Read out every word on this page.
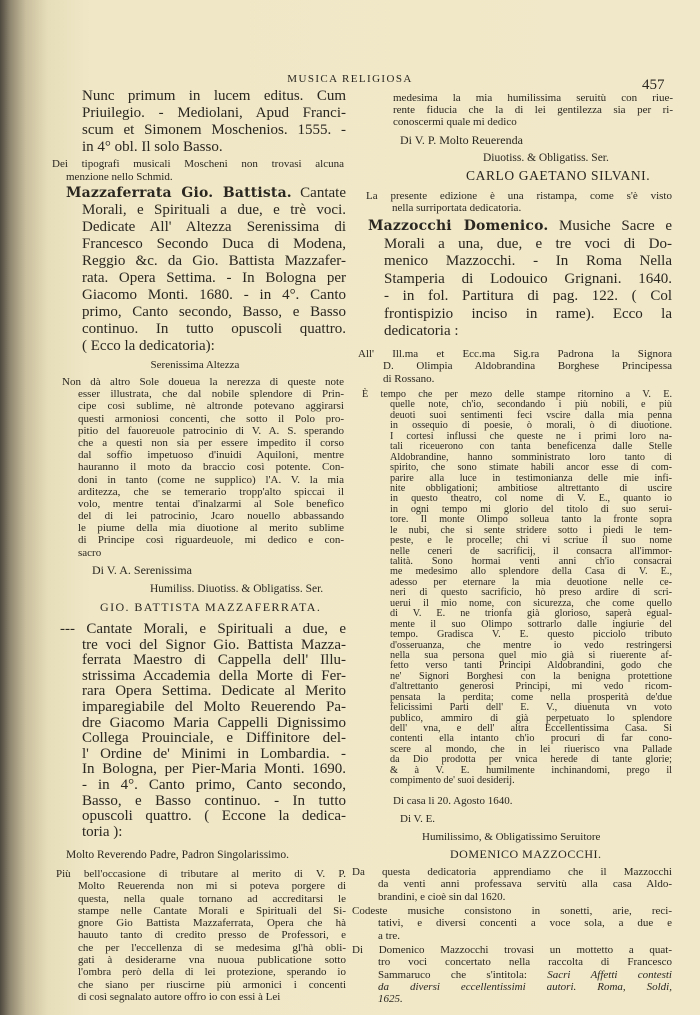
MUSICA RELIGIOSA	457
Nunc primum in lucem editus. Cum
Priuilegio. - Mediolani, Apud Franci-
scum et Simonem Moschenios. 1555. -
in 4° obl. Il solo Basso.
Dei tipografi musicali Moscheni non trovasi alcuna
menzione nello Schmid.
Mazzaferrata Gio. Battista. Cantate
Morali, e Spirituali a due, e trè voci.
Dedicate All' Altezza Serenissima di
Francesco Secondo Duca di Modena,
Reggio &c. da Gio. Battista Mazzafer-
rata. Opera Settima. - In Bologna per
Giacomo Monti. 1680. - in 4°. Canto
primo, Canto secondo, Basso, e Basso
continuo. In tutto opuscoli quattro.
( Ecco la dedicatoria):
Serenissima Altezza
Non dà altro Sole doueua la nerezza di queste note
esser illustrata, che dal nobile splendore di Prin-
cipe così sublime, nè altronde potevano aggirarsi
questi armoniosi concenti, che sotto il Polo pro-
pitio del fauoreuole patrocinio di V. A. S. sperando
che a questi non sia per essere impedito il corso
dal soffio impetuoso d'inuidi Aquiloni, mentre
hauranno il moto da braccio così potente. Con-
doni in tanto (come ne supplico) l'A. V. la mia
arditezza, che se temerario tropp'alto spiccai il
volo, mentre tentai d'inalzarmi al Sole benefico
del di lei patrocinio, Jcaro nouello abbassando
le piume della mia diuotione al merito sublime
di Principe così riguardeuole, mi dedico e con-
sacro
Di V. A. Serenissima
Humiliss. Diuotiss. & Obligatiss. Ser.
GIO. BATTISTA MAZZAFERRATA.
--- Cantate Morali, e Spirituali a due, e
tre voci del Signor Gio. Battista Mazza-
ferrata Maestro di Cappella dell' Illu-
strissima Accademia della Morte di Fer-
rara Opera Settima. Dedicate al Merito
imparegiabile del Molto Reuerendo Pa-
dre Giacomo Maria Cappelli Dignissimo
Collega Prouinciale, e Diffinitore del-
l' Ordine de' Minimi in Lombardia. -
In Bologna, per Pier-Maria Monti. 1690.
- in 4°. Canto primo, Canto secondo,
Basso, e Basso continuo. - In tutto
opuscoli quattro. ( Eccone la dedica-
toria ):
Molto Reverendo Padre, Padron Singolarissimo.
Più bell'occasione di tributare al merito di V. P.
Molto Reuerenda non mi si poteva porgere di
questa, nella quale tornano ad accreditarsi le
stampe nelle Cantate Morali e Spirituali del Si-
gnore Gio Battista Mazzaferrata, Opera che hà
hauuto tanto di credito presso de Professori, e
che per l'eccellenza di se medesima gl'hà obli-
gati à desiderarne vna nuoua publicatione sotto
l'ombra però della di lei protezione, sperando io
che siano per riuscirne più armonici i concenti
di così segnalato autore offro io con essi à Lei
medesima la mia humilissima seruitù con riue-
rente fiducia che la di lei gentilezza sia per ri-
conoscermi quale mi dedico
Di V. P. Molto Reuerenda
Diuotiss. & Obligatiss. Ser.
CARLO GAETANO SILVANI.
La presente edizione è una ristampa, come s'è visto
nella surriportata dedicatoria.
Mazzocchi Domenico. Musiche Sacre e
Morali a una, due, e tre voci di Do-
menico Mazzocchi. - In Roma Nella
Stamperia di Lodouico Grignani. 1640.
- in fol. Partitura di pag. 122. ( Col
frontispizio inciso in rame). Ecco la
dedicatoria :
All' Ill.ma et Ecc.ma Sig.ra Padrona la Signora
D. Olimpia Aldobrandina Borghese Principessa
di Rossano.
È tempo che per mezo delle stampe ritornino a V. E.
quelle note, ch'io, secondando i più nobili, e più
deuoti suoi sentimenti feci vscire dalla mia penna
in ossequio di poesie, ò morali, ò di diuotione.
I cortesi influssi che queste ne i primi loro na-
tali riceuerono con tanta beneficenza dalle Stelle
Aldobrandine, hanno somministrato loro tanto di
spirito, che sono stimate habili ancor esse di com-
parire alla luce in testimonianza delle mie infi-
nite obbligationi; ambitiose altrettanto di uscire
in questo theatro, col nome di V. E., quanto io
in ogni tempo mi glorio del titolo di suo serui-
tore. Il monte Olimpo solleua tanto la fronte sopra
le nubi, che si sente stridere sotto i piedi le tem-
peste, e le procelle; chi vi scriue il suo nome
nelle ceneri de sacrificij, il consacra all'immor-
talità. Sono hormai venti anni ch'io consacrai
me medesimo allo splendore della Casa di V. E.,
adesso per eternare la mia deuotione nelle ce-
neri di questo sacrificio, hò preso ardire di scri-
uerui il mio nome, con sicurezza, che come quello
di V. E. ne trionfa già glorioso, saperà egual-
mente il suo Olimpo sottrarlo dalle ingiurie del
tempo. Gradisca V. E. questo picciolo tributo
d'osseruanza, che mentre io vedo restringersi
nella sua persona quel mio già si riuerente af-
fetto verso tanti Principi Aldobrandini, godo che
ne' Signori Borghesi con la benigna protettione
d'altrettanto generosi Principi, mi vedo ricom-
pensata la perdita; come nella prosperità de'due
felicissimi Parti dell' E. V., diuenuta vn voto
publico, ammiro di già perpetuato lo splendore
dell' vna, e dell' altra Eccellentissima Casa. Si
contenti ella intanto ch'io procuri di far cono-
scere al mondo, che in lei riuerisco vna Pallade
da Dio prodotta per vnica herede di tante glorie;
& à V. E. humilmente inchinandomi, prego il
compimento de' suoi desiderij.
Di casa li 20. Agosto 1640.
Di V. E.
Humilissimo, & Obligatissimo Seruitore
DOMENICO MAZZOCCHI.
Da questa dedicatoria apprendiamo che il Mazzocchi
da venti anni professava servitù alla casa Aldo-
brandini, e cioè sin dal 1620.
Codeste musiche consistono in sonetti, arie, reci-
tativi, e diversi concenti a voce sola, a due e
a tre.
Di Domenico Mazzocchi trovasi un mottetto a quat-
tro voci concertato nella raccolta di Francesco
Sammaruco che s'intitola: Sacri Affetti contesti
da diversi eccellentissimi autori. Roma, Soldi,
1625.
